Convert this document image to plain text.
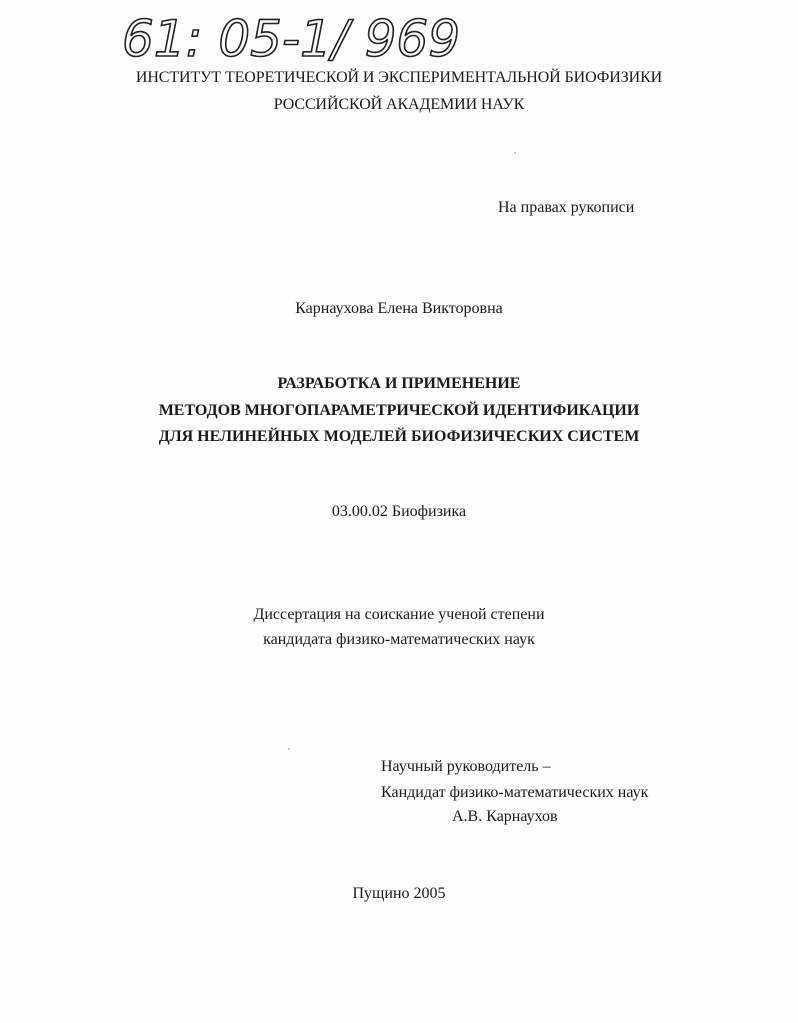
61: 05-1/ 969
ИНСТИТУТ ТЕОРЕТИЧЕСКОЙ И ЭКСПЕРИМЕНТАЛЬНОЙ БИОФИЗИКИ
РОССИЙСКОЙ АКАДЕМИИ НАУК
На правах рукописи
Карнаухова Елена Викторовна
РАЗРАБОТКА И ПРИМЕНЕНИЕ
МЕТОДОВ МНОГОПАРАМЕТРИЧЕСКОЙ ИДЕНТИФИКАЦИИ
ДЛЯ НЕЛИНЕЙНЫХ МОДЕЛЕЙ БИОФИЗИЧЕСКИХ СИСТЕМ
03.00.02 Биофизика
Диссертация на соискание ученой степени
кандидата физико-математических наук
Научный руководитель –
Кандидат физико-математических наук
А.В. Карнаухов
Пущино 2005
